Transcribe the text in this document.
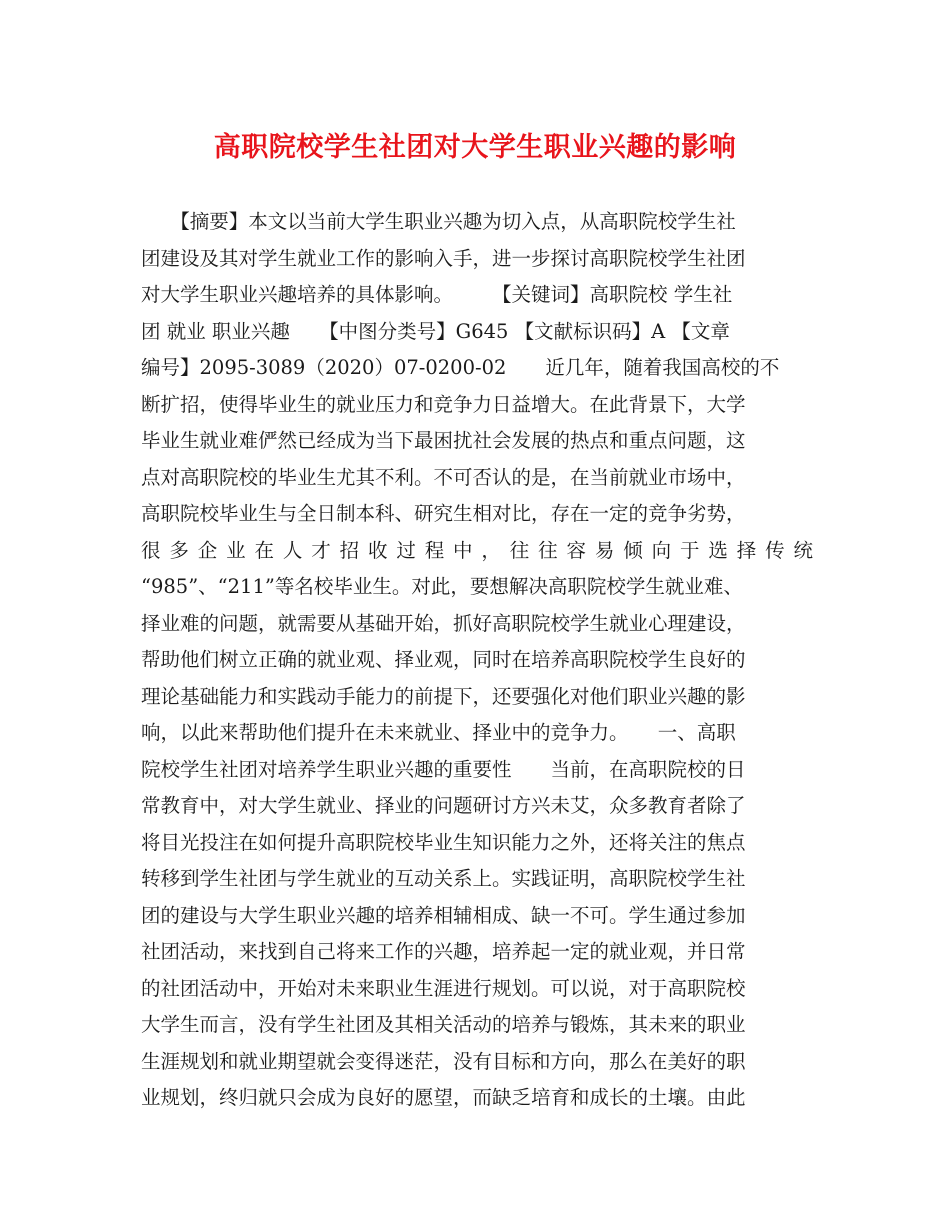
高职院校学生社团对大学生职业兴趣的影响
　　【摘要】本文以当前大学生职业兴趣为切入点，从高职院校学生社
团建设及其对学生就业工作的影响入手，进一步探讨高职院校学生社团
对大学生职业兴趣培养的具体影响。　　　【关键词】高职院校 学生社
团 就业 职业兴趣　　【中图分类号】G645 【文献标识码】A 【文章
编号】2095-3089（2020）07-0200-02　　近几年，随着我国高校的不
断扩招，使得毕业生的就业压力和竞争力日益增大。在此背景下，大学
毕业生就业难俨然已经成为当下最困扰社会发展的热点和重点问题，这
点对高职院校的毕业生尤其不利。不可否认的是，在当前就业市场中，
高职院校毕业生与全日制本科、研究生相对比，存在一定的竞争劣势，
很多企业在人才招收过程中，往往容易倾向于选择传统
“985”、“211”等名校毕业生。对此，要想解决高职院校学生就业难、
择业难的问题，就需要从基础开始，抓好高职院校学生就业心理建设，
帮助他们树立正确的就业观、择业观，同时在培养高职院校学生良好的
理论基础能力和实践动手能力的前提下，还要强化对他们职业兴趣的影
响，以此来帮助他们提升在未来就业、择业中的竞争力。　　一、高职
院校学生社团对培养学生职业兴趣的重要性　　当前，在高职院校的日
常教育中，对大学生就业、择业的问题研讨方兴未艾，众多教育者除了
将目光投注在如何提升高职院校毕业生知识能力之外，还将关注的焦点
转移到学生社团与学生就业的互动关系上。实践证明，高职院校学生社
团的建设与大学生职业兴趣的培养相辅相成、缺一不可。学生通过参加
社团活动，来找到自己将来工作的兴趣，培养起一定的就业观，并日常
的社团活动中，开始对未来职业生涯进行规划。可以说，对于高职院校
大学生而言，没有学生社团及其相关活动的培养与锻炼，其未来的职业
生涯规划和就业期望就会变得迷茫，没有目标和方向，那么在美好的职
业规划，终归就只会成为良好的愿望，而缺乏培育和成长的土壤。由此
